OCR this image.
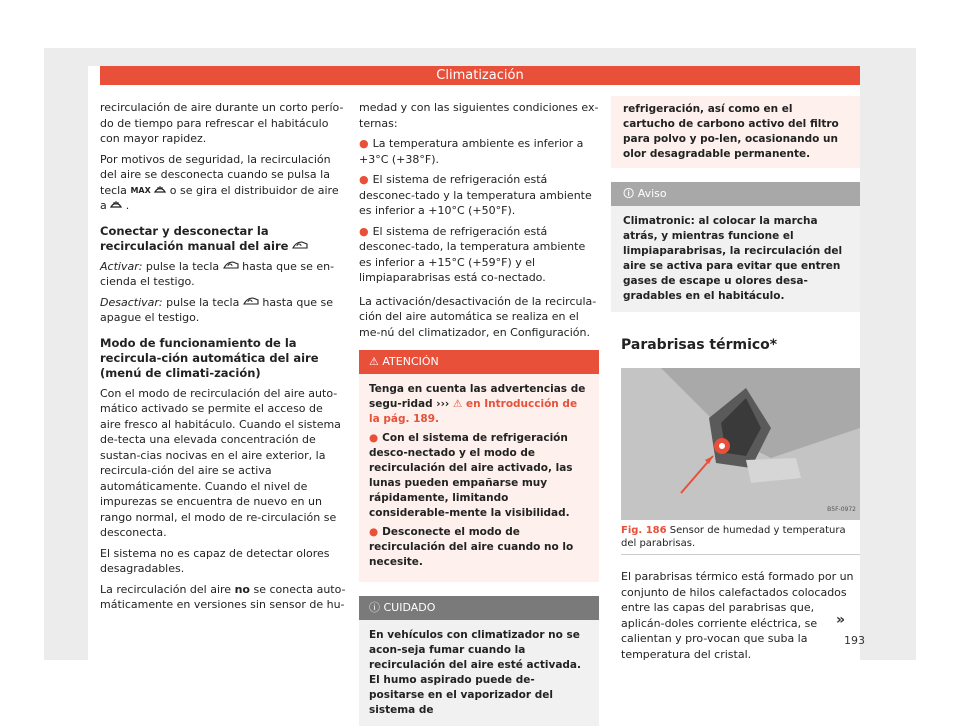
Climatización

recirculación de aire durante un corto perío-do de tiempo para refrescar el habitáculo con mayor rapidez.

Por motivos de seguridad, la recirculación del aire se desconecta cuando se pulsa la tecla MAX o se gira el distribuidor de aire a .

Conectar y desconectar la recirculación manual del aire

Activar: pulse la tecla hasta que se en-cienda el testigo.

Desactivar: pulse la tecla hasta que se apague el testigo.

Modo de funcionamiento de la recircula-ción automática del aire (menú de climati-zación)

Con el modo de recirculación del aire auto-mático activado se permite el acceso de aire fresco al habitáculo. Cuando el sistema de-tecta una elevada concentración de sustan-cias nocivas en el aire exterior, la recircula-ción del aire se activa automáticamente. Cuando el nivel de impurezas se encuentra de nuevo en un rango normal, el modo de re-circulación se desconecta.

El sistema no es capaz de detectar olores desagradables.

La recirculación del aire no se conecta auto-máticamente en versiones sin sensor de hu-

medad y con las siguientes condiciones ex-ternas:

● La temperatura ambiente es inferior a +3°C (+38°F).

● El sistema de refrigeración está desconec-tado y la temperatura ambiente es inferior a +10°C (+50°F).

● El sistema de refrigeración está desconec-tado, la temperatura ambiente es inferior a +15°C (+59°F) y el limpiaparabrisas está co-nectado.

La activación/desactivación de la recircula-ción del aire automática se realiza en el me-nú del climatizador, en Configuración.

⚠ ATENCIÓN

Tenga en cuenta las advertencias de segu-ridad ››› ⚠ en Introducción de la pág. 189.

● Con el sistema de refrigeración desco-nectado y el modo de recirculación del aire activado, las lunas pueden empañarse muy rápidamente, limitando considerable-mente la visibilidad.

● Desconecte el modo de recirculación del aire cuando no lo necesite.

ⓘ CUIDADO
En vehículos con climatizador no se acon-seja fumar cuando la recirculación del aire esté activada. El humo aspirado puede de-positarse en el vaporizador del sistema de
refrigeración, así como en el cartucho de carbono activo del filtro para polvo y po-len, ocasionando un olor desagradable permanente.
🛈 Aviso
Climatronic: al colocar la marcha atrás, y mientras funcione el limpiaparabrisas, la recirculación del aire se activa para evitar que entren gases de escape u olores desa-gradables en el habitáculo.
Parabrisas térmico*
B5F-0972
Fig. 186 Sensor de humedad y temperatura del parabrisas.
El parabrisas térmico está formado por un conjunto de hilos calefactados colocados entre las capas del parabrisas que, aplicán-doles corriente eléctrica, se calientan y pro-vocan que suba la temperatura del cristal.
»
193
